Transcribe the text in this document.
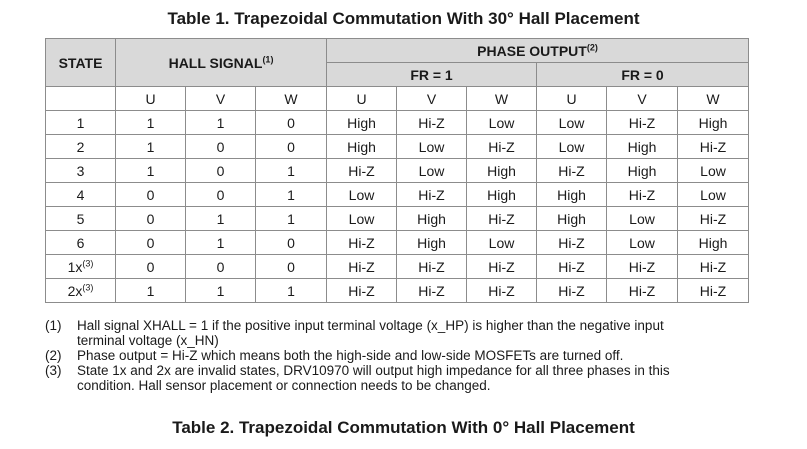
Table 1. Trapezoidal Commutation With 30° Hall Placement
STATE	HALL SIGNAL$^{(1)}$			PHASE OUTPUT$^{(2)}$
				FR = 1			FR = 0		
	U	V	W	U	V	W	U	V	W
1	1	1	0	High	Hi-Z	Low	Low	Hi-Z	High
2	1	0	0	High	Low	Hi-Z	Low	High	Hi-Z
3	1	0	1	Hi-Z	Low	High	Hi-Z	High	Low
4	0	0	1	Low	Hi-Z	High	High	Hi-Z	Low
5	0	1	1	Low	High	Hi-Z	High	Low	Hi-Z
6	0	1	0	Hi-Z	High	Low	Hi-Z	Low	High
$1x^{(3)}$	0	0	0	Hi-Z	Hi-Z	Hi-Z	Hi-Z	Hi-Z	Hi-Z
$2x^{(3)}$	1	1	1	Hi-Z	Hi-Z	Hi-Z	Hi-Z	Hi-Z	Hi-Z
(1)	Hall signal XHALL = 1 if the positive input terminal voltage (x_HP) is higher than the negative input
terminal voltage (x_HN)
(2)	Phase output = Hi-Z which means both the high-side and low-side MOSFETs are turned off.
(3)	State 1x and 2x are invalid states, DRV10970 will output high impedance for all three phases in this
condition. Hall sensor placement or connection needs to be changed.
Table 2. Trapezoidal Commutation With 0° Hall Placement
